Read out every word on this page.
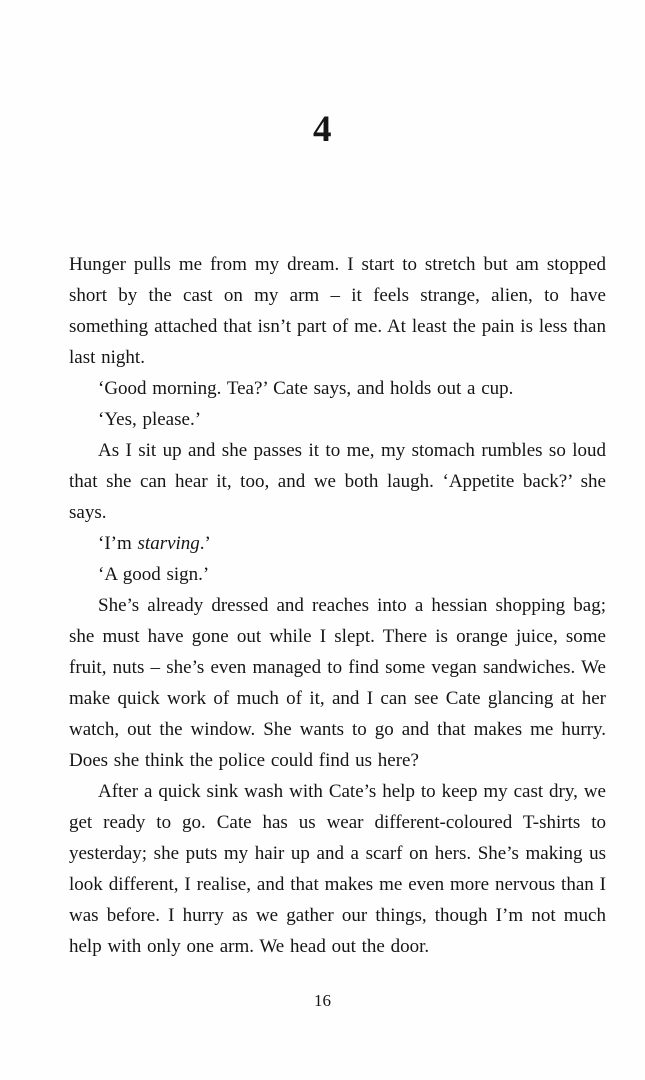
4

Hunger pulls me from my dream. I start to stretch but am stopped short by the cast on my arm – it feels strange, alien, to have something attached that isn’t part of me. At least the pain is less than last night.

‘Good morning. Tea?’ Cate says, and holds out a cup.

‘Yes, please.’

As I sit up and she passes it to me, my stomach rumbles so loud that she can hear it, too, and we both laugh. ‘Appetite back?’ she says.

‘I’m starving.’

‘A good sign.’

She’s already dressed and reaches into a hessian shopping bag; she must have gone out while I slept. There is orange juice, some fruit, nuts – she’s even managed to find some vegan sandwiches. We make quick work of much of it, and I can see Cate glancing at her watch, out the window. She wants to go and that makes me hurry. Does she think the police could find us here?

After a quick sink wash with Cate’s help to keep my cast dry, we get ready to go. Cate has us wear different-coloured T-shirts to yesterday; she puts my hair up and a scarf on hers. She’s making us look different, I realise, and that makes me even more nervous than I was before. I hurry as we gather our things, though I’m not much help with only one arm. We head out the door.

16
